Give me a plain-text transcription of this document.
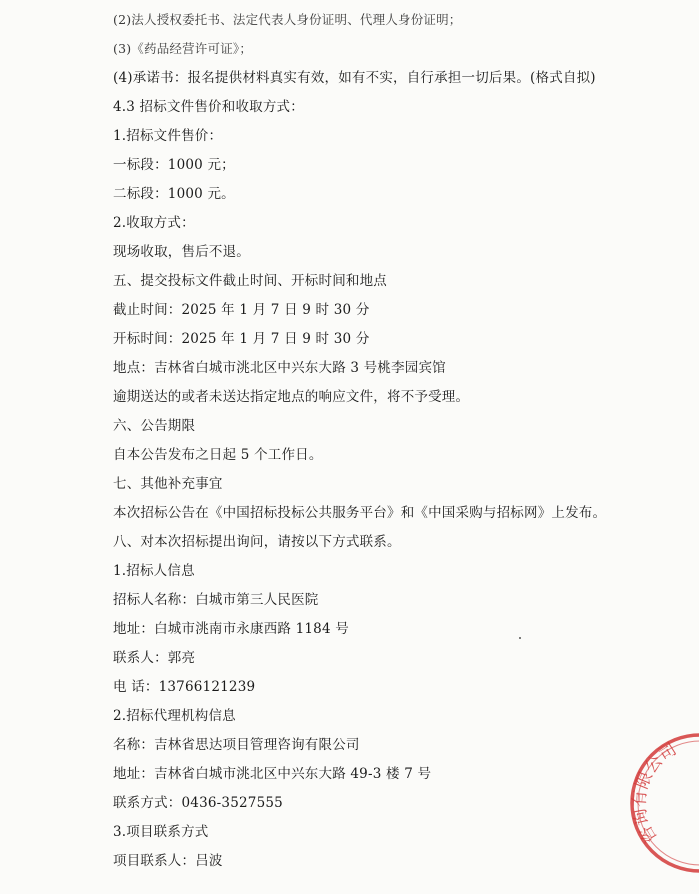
(2)法人授权委托书、法定代表人身份证明、代理人身份证明；
(3)《药品经营许可证》；
(4)承诺书：报名提供材料真实有效，如有不实，自行承担一切后果。(格式自拟)
4.3 招标文件售价和收取方式：
1.招标文件售价：
一标段：1000 元；
二标段：1000 元。
2.收取方式：
现场收取，售后不退。
五、提交投标文件截止时间、开标时间和地点
截止时间：2025 年 1 月 7 日 9 时 30 分
开标时间：2025 年 1 月 7 日 9 时 30 分
地点：吉林省白城市洮北区中兴东大路 3 号桃李园宾馆
逾期送达的或者未送达指定地点的响应文件，将不予受理。
六、公告期限
自本公告发布之日起 5 个工作日。
七、其他补充事宜
本次招标公告在《中国招标投标公共服务平台》和《中国采购与招标网》上发布。
八、对本次招标提出询问，请按以下方式联系。
1.招标人信息
招标人名称：白城市第三人民医院
地址：白城市洮南市永康西路 1184 号
联系人：郭亮
电 话：13766121239
2.招标代理机构信息
名称：吉林省思达项目管理咨询有限公司
地址：吉林省白城市洮北区中兴东大路 49-3 楼 7 号
联系方式：0436-3527555
3.项目联系方式
项目联系人：吕波
咨询有限公司
